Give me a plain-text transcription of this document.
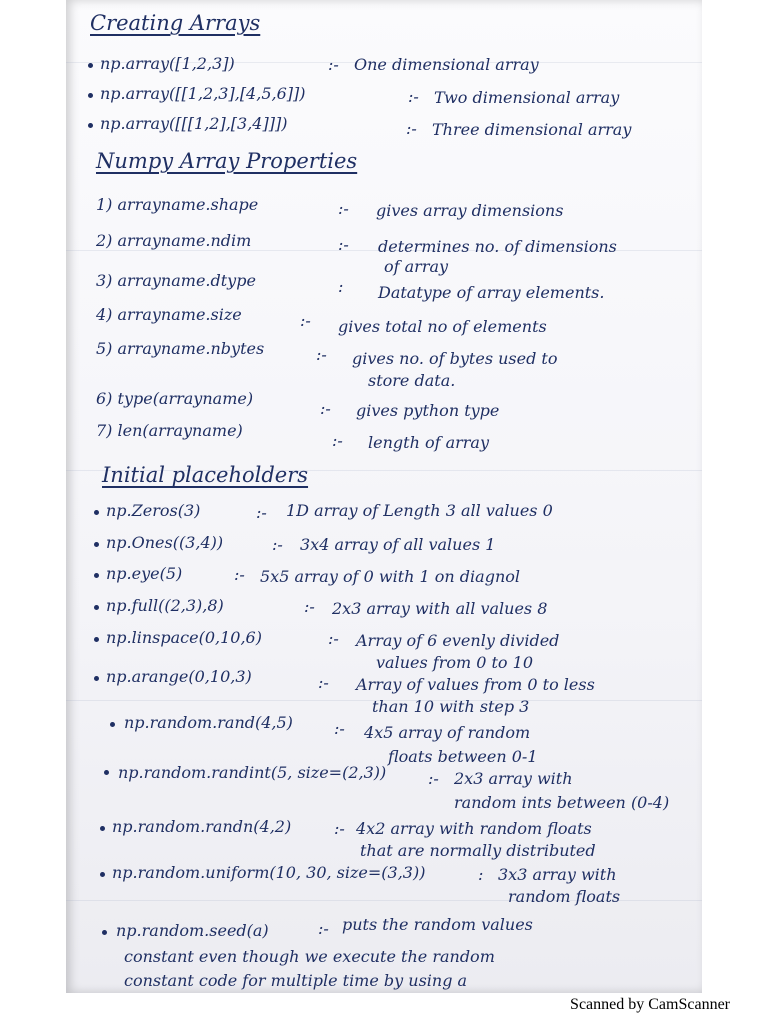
Creating Arrays
np.array([1,2,3])	:- One dimensional array
np.array([[1,2,3],[4,5,6]])	:- Two dimensional array
np.array([[[1,2],[3,4]]])	:- Three dimensional array
Numpy Array Properties
1) arrayname.shape	:- gives array dimensions
2) arrayname.ndim	:- determines no. of dimensions
of array
3) arrayname.dtype	: Datatype of array elements.
4) arrayname.size	:- gives total no of elements
5) arrayname.nbytes	:- gives no. of bytes used to
store data.
6) type(arrayname)
:- gives python type
7) len(arrayname)
:- length of array
Initial placeholders
np.Zeros(3)	:- 1D array of Length 3 all values 0
np.Ones((3,4))	:- 3x4 array of all values 1
np.eye(5)	:- 5x5 array of 0 with 1 on diagnol
np.full((2,3),8)	:- 2x3 array with all values 8
np.linspace(0,10,6)	:- Array of 6 evenly divided
values from 0 to 10
np.arange(0,10,3)	:- Array of values from 0 to less
than 10 with step 3
np.random.rand(4,5)	:- 4x5 array of random
floats between 0-1
np.random.randint(5, size=(2,3))	:- 2x3 array with
random ints between (0-4)
np.random.randn(4,2)	:- 4x2 array with random floats
that are normally distributed
np.random.uniform(10, 30, size=(3,3))	: 3x3 array with
random floats
np.random.seed(a)	:- puts the random values
constant even though we execute the random
constant code for multiple time by using a
Scanned by CamScanner
